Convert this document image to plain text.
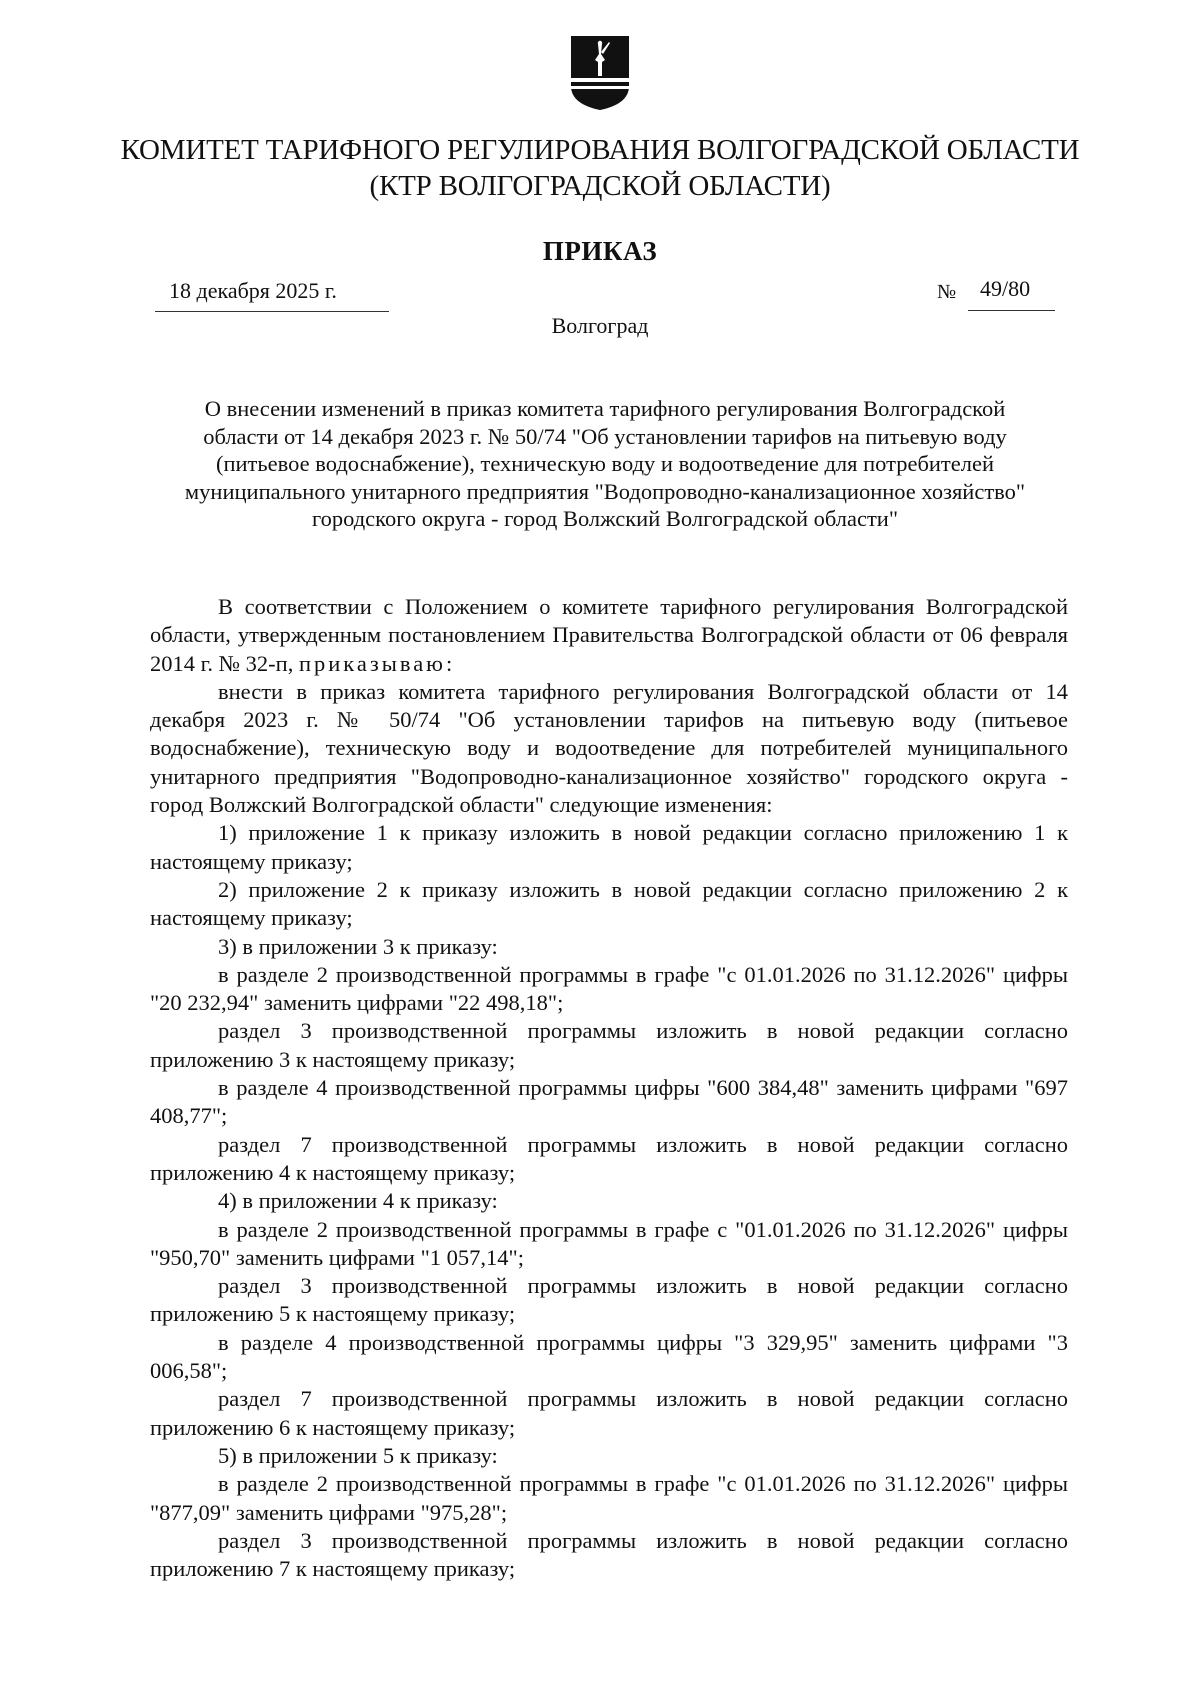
КОМИТЕТ ТАРИФНОГО РЕГУЛИРОВАНИЯ ВОЛГОГРАДСКОЙ ОБЛАСТИ
(КТР ВОЛГОГРАДСКОЙ ОБЛАСТИ)
ПРИКАЗ
18 декабря 2025 г.	№	49/80
Волгоград
О внесении изменений в приказ комитета тарифного регулирования Волгоградской
области от 14 декабря 2023 г. № 50/74 "Об установлении тарифов на питьевую воду
(питьевое водоснабжение), техническую воду и водоотведение для потребителей
муниципального унитарного предприятия "Водопроводно-канализационное хозяйство"
городского округа - город Волжский Волгоградской области"

В соответствии с Положением о комитете тарифного регулирования Волгоградской области, утвержденным постановлением Правительства Волгоградской области от 06 февраля 2014 г. № 32-п, приказываю:

внести в приказ комитета тарифного регулирования Волгоградской области от 14 декабря 2023 г. № 50/74 "Об установлении тарифов на питьевую воду (питьевое водоснабжение), техническую воду и водоотведение для потребителей муниципального унитарного предприятия "Водопроводно-канализационное хозяйство" городского округа - город Волжский Волгоградской области" следующие изменения:

1) приложение 1 к приказу изложить в новой редакции согласно приложению 1 к настоящему приказу;

2) приложение 2 к приказу изложить в новой редакции согласно приложению 2 к настоящему приказу;

3) в приложении 3 к приказу:

в разделе 2 производственной программы в графе "с 01.01.2026 по 31.12.2026" цифры "20 232,94" заменить цифрами "22 498,18";

раздел 3 производственной программы изложить в новой редакции согласно приложению 3 к настоящему приказу;

в разделе 4 производственной программы цифры "600 384,48" заменить цифрами "697 408,77";

раздел 7 производственной программы изложить в новой редакции согласно приложению 4 к настоящему приказу;

4) в приложении 4 к приказу:

в разделе 2 производственной программы в графе с "01.01.2026 по 31.12.2026" цифры "950,70" заменить цифрами "1 057,14";

раздел 3 производственной программы изложить в новой редакции согласно приложению 5 к настоящему приказу;

в разделе 4 производственной программы цифры "3 329,95" заменить цифрами "3 006,58";

раздел 7 производственной программы изложить в новой редакции согласно приложению 6 к настоящему приказу;

5) в приложении 5 к приказу:

в разделе 2 производственной программы в графе "с 01.01.2026 по 31.12.2026" цифры "877,09" заменить цифрами "975,28";

раздел 3 производственной программы изложить в новой редакции согласно приложению 7 к настоящему приказу;
